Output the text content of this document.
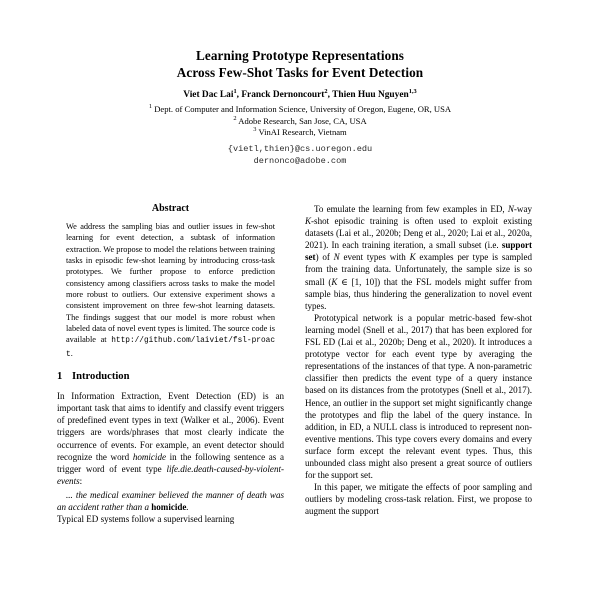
Learning Prototype Representations
Across Few-Shot Tasks for Event Detection
Viet Dac Lai$^1$, Franck Dernoncourt$^2$, Thien Huu Nguyen$^{1,3}$
$^1$ Dept. of Computer and Information Science, University of Oregon, Eugene, OR, USA
$^2$ Adobe Research, San Jose, CA, USA
$^3$ VinAI Research, Vietnam
{vietl,thien}@cs.uoregon.edu
dernonco@adobe.com
Abstract
We address the sampling bias and outlier issues in few-shot learning for event detection, a subtask of information extraction. We propose to model the relations between training tasks in episodic few-shot learning by introducing cross-task prototypes. We further propose to enforce prediction consistency among classifiers across tasks to make the model more robust to outliers. Our extensive experiment shows a consistent improvement on three few-shot learning datasets. The findings suggest that our model is more robust when labeled data of novel event types is limited. The source code is available at http://github.com/laiviet/fsl-proact.
1 Introduction

In Information Extraction, Event Detection (ED) is an important task that aims to identify and classify event triggers of predefined event types in text (Walker et al., 2006). Event triggers are words/phrases that most clearly indicate the occurrence of events. For example, an event detector should recognize the word homicide in the following sentence as a trigger word of event type life.die.death-caused-by-violent-events:

... the medical examiner believed the manner of death was an accident rather than a homicide.

Typical ED systems follow a supervised learning

To emulate the learning from few examples in ED, N-way K-shot episodic training is often used to exploit existing datasets (Lai et al., 2020b; Deng et al., 2020; Lai et al., 2020a, 2021). In each training iteration, a small subset (i.e. support set) of N event types with K examples per type is sampled from the training data. Unfortunately, the sample size is so small (K ∈ [1, 10]) that the FSL models might suffer from sample bias, thus hindering the generalization to novel event types.

Prototypical network is a popular metric-based few-shot learning model (Snell et al., 2017) that has been explored for FSL ED (Lai et al., 2020b; Deng et al., 2020). It introduces a prototype vector for each event type by averaging the representations of the instances of that type. A non-parametric classifier then predicts the event type of a query instance based on its distances from the prototypes (Snell et al., 2017). Hence, an outlier in the support set might significantly change the prototypes and flip the label of the query instance. In addition, in ED, a NULL class is introduced to represent non-eventive mentions. This type covers every domains and every surface form except the relevant event types. Thus, this unbounded class might also present a great source of outliers for the support set.

In this paper, we mitigate the effects of poor sampling and outliers by modeling cross-task relation. First, we propose to augment the support
